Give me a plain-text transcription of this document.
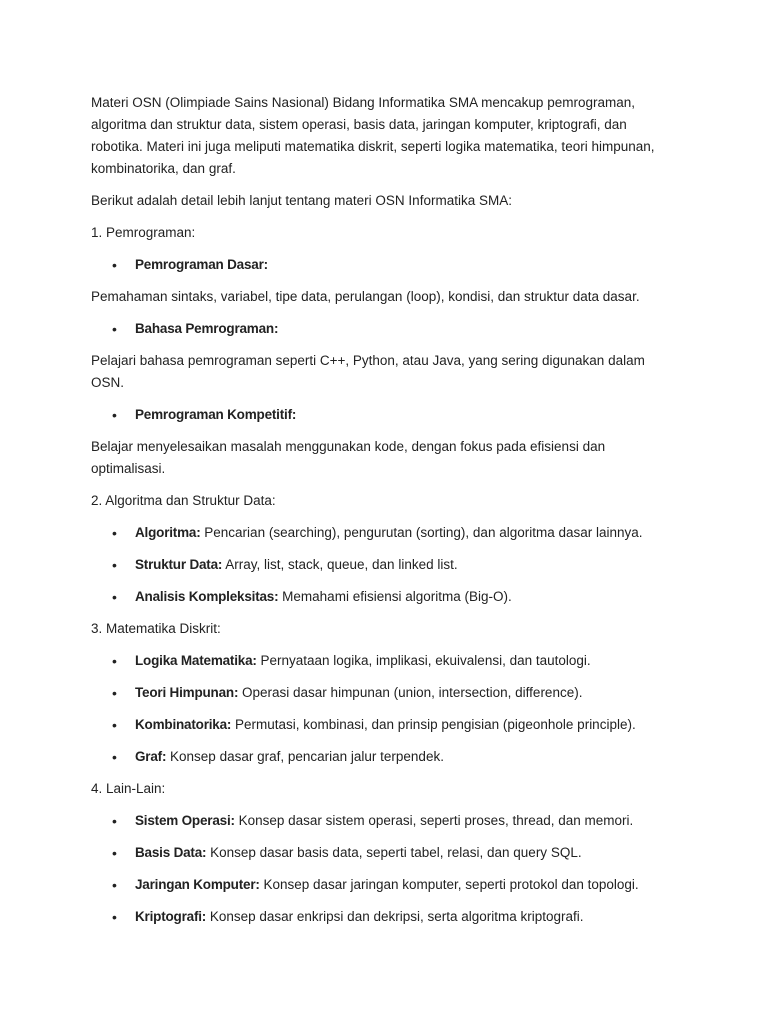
Materi OSN (Olimpiade Sains Nasional) Bidang Informatika SMA mencakup pemrograman, algoritma dan struktur data, sistem operasi, basis data, jaringan komputer, kriptografi, dan robotika. Materi ini juga meliputi matematika diskrit, seperti logika matematika, teori himpunan, kombinatorika, dan graf.

Berikut adalah detail lebih lanjut tentang materi OSN Informatika SMA:

1. Pemrograman:

• Pemrograman Dasar:

Pemahaman sintaks, variabel, tipe data, perulangan (loop), kondisi, dan struktur data dasar.

• Bahasa Pemrograman:

Pelajari bahasa pemrograman seperti C++, Python, atau Java, yang sering digunakan dalam OSN.

• Pemrograman Kompetitif:

Belajar menyelesaikan masalah menggunakan kode, dengan fokus pada efisiensi dan optimalisasi.

2. Algoritma dan Struktur Data:

• Algoritma: Pencarian (searching), pengurutan (sorting), dan algoritma dasar lainnya.
• Struktur Data: Array, list, stack, queue, dan linked list.
• Analisis Kompleksitas: Memahami efisiensi algoritma (Big-O).

3. Matematika Diskrit:

• Logika Matematika: Pernyataan logika, implikasi, ekuivalensi, dan tautologi.
• Teori Himpunan: Operasi dasar himpunan (union, intersection, difference).
• Kombinatorika: Permutasi, kombinasi, dan prinsip pengisian (pigeonhole principle).
• Graf: Konsep dasar graf, pencarian jalur terpendek.

4. Lain-Lain:

• Sistem Operasi: Konsep dasar sistem operasi, seperti proses, thread, dan memori.
• Basis Data: Konsep dasar basis data, seperti tabel, relasi, dan query SQL.
• Jaringan Komputer: Konsep dasar jaringan komputer, seperti protokol dan topologi.
• Kriptografi: Konsep dasar enkripsi dan dekripsi, serta algoritma kriptografi.
